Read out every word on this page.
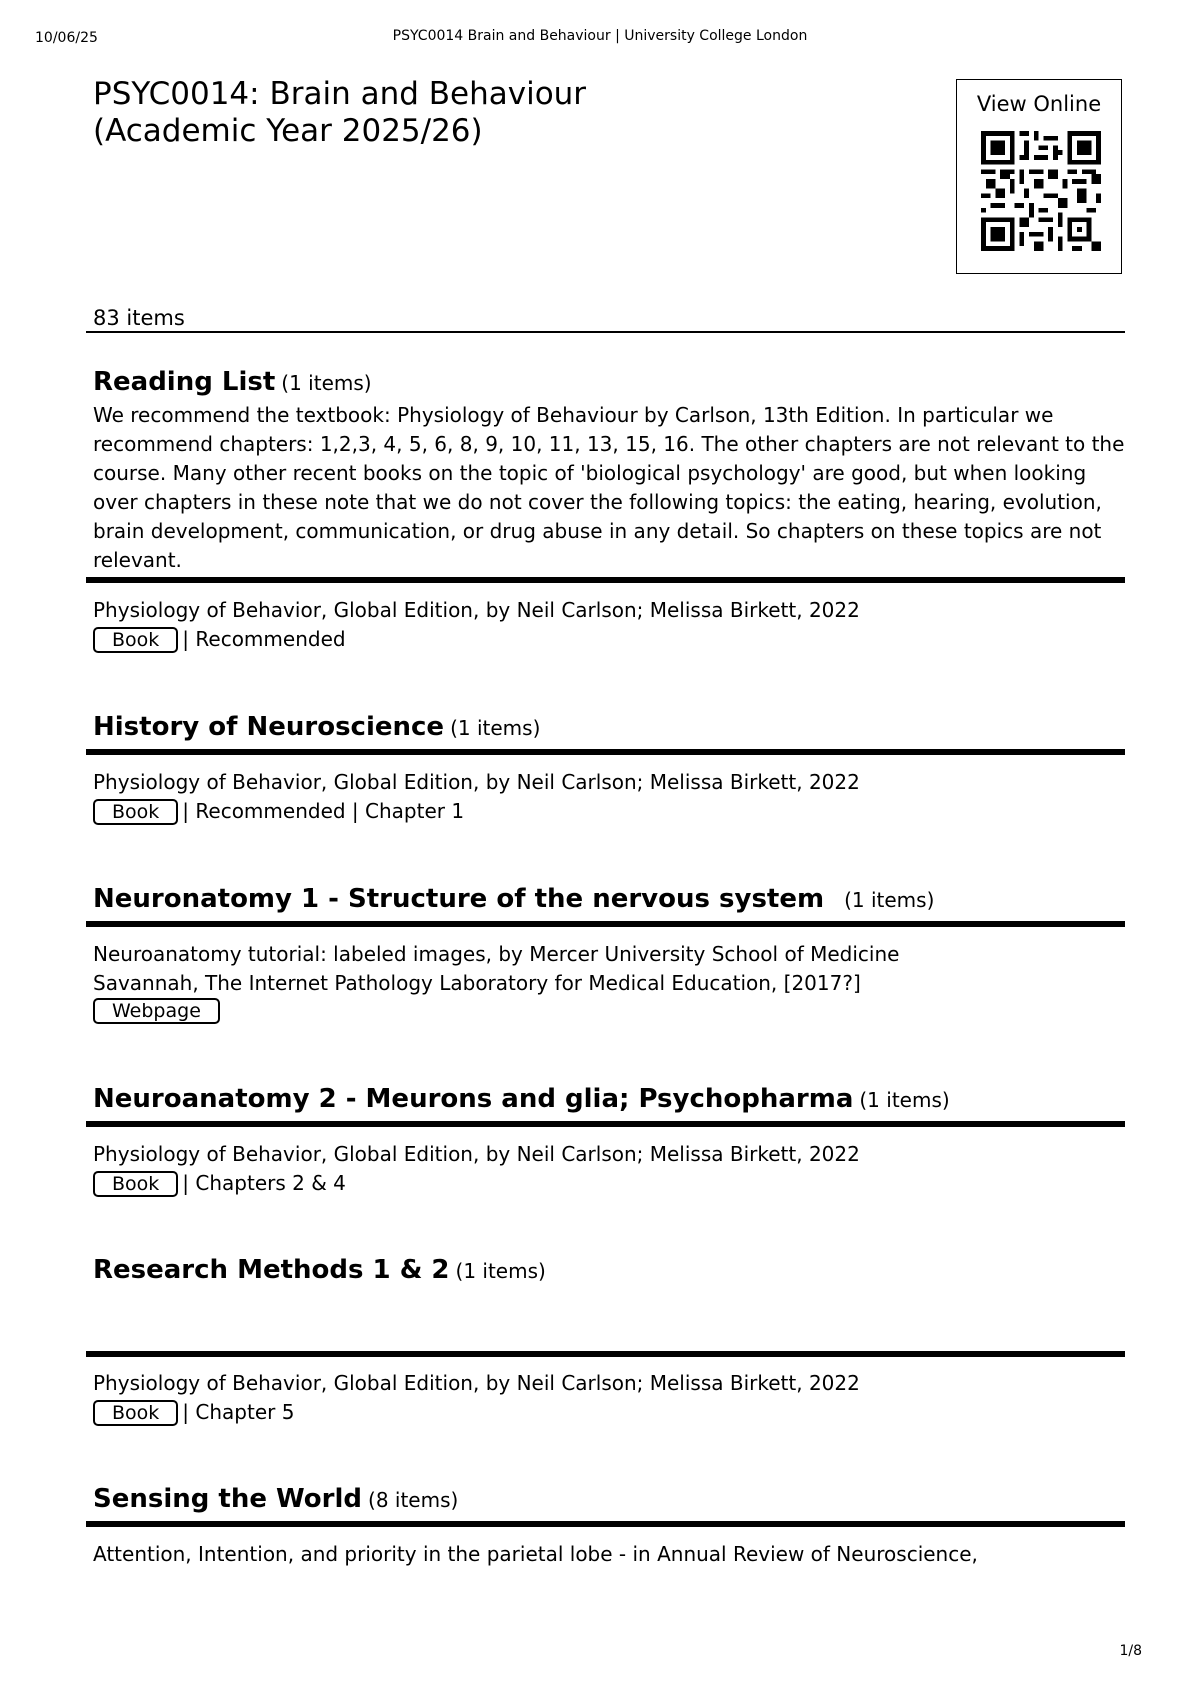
10/06/25	PSYC0014 Brain and Behaviour | University College London
PSYC0014: Brain and Behaviour
(Academic Year 2025/26)
View Online
83 items
Reading List (1 items)
We recommend the textbook: Physiology of Behaviour by Carlson, 13th Edition. In particular we recommend chapters: 1,2,3, 4, 5, 6, 8, 9, 10, 11, 13, 15, 16. The other chapters are not relevant to the course. Many other recent books on the topic of 'biological psychology' are good, but when looking over chapters in these note that we do not cover the following topics: the eating, hearing, evolution, brain development, communication, or drug abuse in any detail. So chapters on these topics are not relevant.
Physiology of Behavior, Global Edition, by Neil Carlson; Melissa Birkett, 2022
Book	| Recommended
History of Neuroscience (1 items)
Physiology of Behavior, Global Edition, by Neil Carlson; Melissa Birkett, 2022
Book	| Recommended | Chapter 1
Neuronatomy 1 - Structure of the nervous system (1 items)
Neuroanatomy tutorial: labeled images, by Mercer University School of Medicine Savannah, The Internet Pathology Laboratory for Medical Education, [2017?]
Webpage
Neuroanatomy 2 - Meurons and glia; Psychopharma (1 items)
Physiology of Behavior, Global Edition, by Neil Carlson; Melissa Birkett, 2022
Book	| Chapters 2 & 4
Research Methods 1 & 2 (1 items)
Physiology of Behavior, Global Edition, by Neil Carlson; Melissa Birkett, 2022
Book	| Chapter 5
Sensing the World (8 items)
Attention, Intention, and priority in the parietal lobe - in Annual Review of Neuroscience,
1/8
